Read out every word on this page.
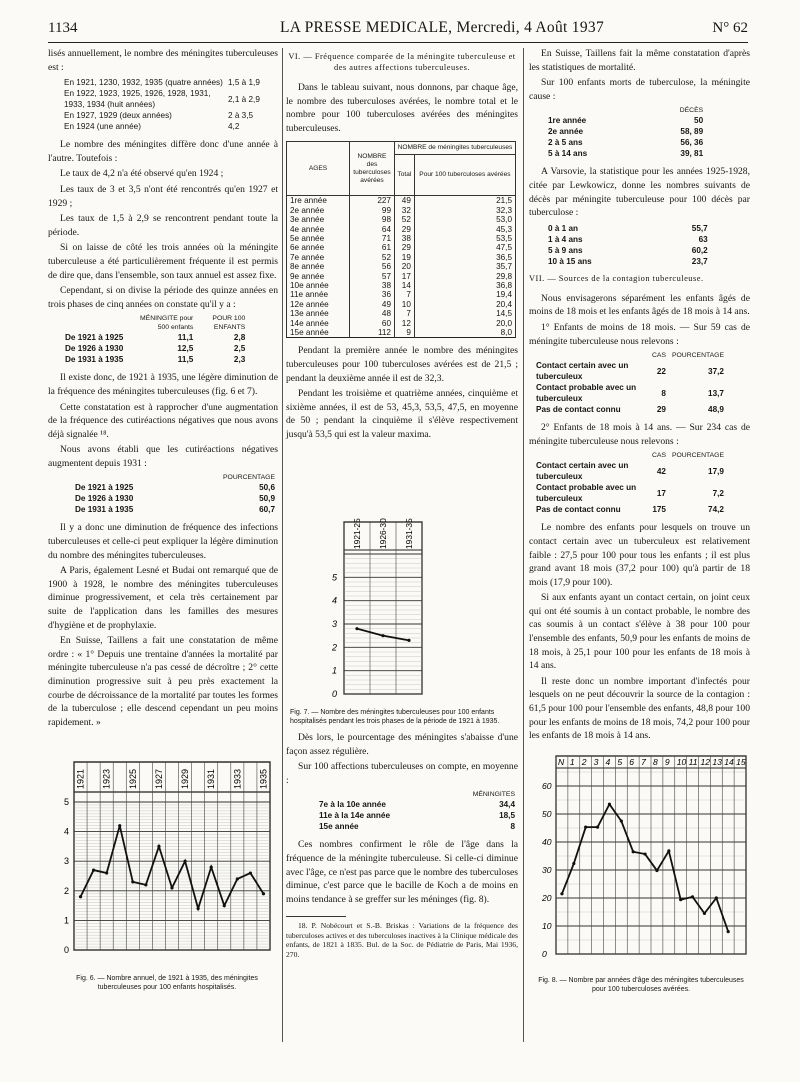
1134	LA PRESSE MEDICALE, Mercredi, 4 Août 1937	N° 62

lisés annuellement, le nombre des méningites tuberculeuses est :

En 1921, 1230, 1932, 1935 (quatre années)	1,5 à 1,9
En 1922, 1923, 1925, 1926, 1928, 1931, 1933, 1934 (huit années)	2,1 à 2,9
En 1927, 1929 (deux années)	2 à 3,5
En 1924 (une année)	4,2

Le nombre des méningites diffère donc d'une année à l'autre. Toutefois :

Le taux de 4,2 n'a été observé qu'en 1924 ;

Les taux de 3 et 3,5 n'ont été rencontrés qu'en 1927 et 1929 ;

Les taux de 1,5 à 2,9 se rencontrent pendant toute la période.

Si on laisse de côté les trois années où la méningite tuberculeuse a été particulièrement fréquente il est permis de dire que, dans l'ensemble, son taux annuel est assez fixe.

Cependant, si on divise la période des quinze années en trois phases de cinq années on constate qu'il y a :

	MÉNINGITE pour 500 enfants	POUR 100 ENFANTS
De 1921 à 1925	11,1	2,8
De 1926 à 1930	12,5	2,5
De 1931 à 1935	11,5	2,3

Il existe donc, de 1921 à 1935, une légère diminution de la fréquence des méningites tuberculeuses (fig. 6 et 7).

Cette constatation est à rapprocher d'une augmentation de la fréquence des cutiréactions négatives que nous avons déjà signalée ¹⁸.

Nous avons établi que les cutiréactions négatives augmentent depuis 1931 :

	POURCENTAGE
De 1921 à 1925	50,6
De 1926 à 1930	50,9
De 1931 à 1935	60,7

Il y a donc une diminution de fréquence des infections tuberculeuses et celle-ci peut expliquer la légère diminution du nombre des méningites tuberculeuses.

A Paris, également Lesné et Budai ont remarqué que de 1900 à 1928, le nombre des méningites tuberculeuses diminue progressivement, et cela très certainement par suite de l'application dans les familles des mesures d'hygiène et de prophylaxie.

En Suisse, Taillens a fait une constatation de même ordre : « 1° Depuis une trentaine d'années la mortalité par méningite tuberculeuse n'a pas cessé de décroître ; 2° cette diminution progressive suit à peu près exactement la courbe de décroissance de la mortalité par toutes les formes de la tuberculose ; elle descend cependant un peu moins rapidement. »

VI. — Fréquence comparée de la méningite tuberculeuse et des autres affections tuberculeuses.

Dans le tableau suivant, nous donnons, par chaque âge, le nombre des tuberculoses avérées, le nombre total et le nombre pour 100 tuberculoses avérées des méningites tuberculeuses.

AGES	NOMBRE des tuberculoses avérées	NOMBRE de méningites tuberculeuses	
		Total	Pour 100 tuberculoses avérées
1re année	227	49	21,5
2e année	99	32	32,3
3e année	98	52	53,0
4e année	64	29	45,3
5e année	71	38	53,5
6e année	61	29	47,5
7e année	52	19	36,5
8e année	56	20	35,7
9e année	57	17	29,8
10e année	38	14	36,8
11e année	36	7	19,4
12e année	49	10	20,4
13e année	48	7	14,5
14e année	60	12	20,0
15e année	112	9	8,0

Pendant la première année le nombre des méningites tuberculeuses pour 100 tuberculoses avérées est de 21,5 ; pendant la deuxième année il est de 32,3.

Pendant les troisième et quatrième années, cinquième et sixième années, il est de 53, 45,3, 53,5, 47,5, en moyenne de 50 ; pendant la cinquième il s'élève respectivement jusqu'à 53,5 qui est la valeur maxima.

1921-25 1926-30 1931-35
0
1
2
3
4
5
Fig. 7. — Nombre des méningites tuberculeuses pour 100 enfants hospitalisés pendant les trois phases de la période de 1921 à 1935.

Dès lors, le pourcentage des méningites s'abaisse d'une façon assez régulière.

Sur 100 affections tuberculeuses on compte, en moyenne :

	MÉNINGITES
7e à la 10e année	34,4
11e à la 14e année	18,5
15e année	8

Ces nombres confirment le rôle de l'âge dans la fréquence de la méningite tuberculeuse. Si celle-ci diminue avec l'âge, ce n'est pas parce que le nombre des tuberculoses diminue, c'est parce que le bacille de Koch a de moins en moins tendance à se greffer sur les méninges (fig. 8).

18. P. Nobécourt et S.-B. Briskas : Variations de la fréquence des tuberculoses actives et des tuberculoses inactives à la Clinique médicale des enfants, de 1821 à 1835. Bul. de la Soc. de Pédiatrie de Paris, Mai 1936, 270.

En Suisse, Taillens fait la même constatation d'après les statistiques de mortalité.

Sur 100 enfants morts de tuberculose, la méningite cause :

	DÉCÈS
1re année	50
2e année	58, 89
2 à 5 ans	56, 36
5 à 14 ans	39, 81

A Varsovie, la statistique pour les années 1925-1928, citée par Lewkowicz, donne les nombres suivants de décès par méningite tuberculeuse pour 100 décès par tuberculose :

0 à 1 an	55,7
1 à 4 ans	63
5 à 9 ans	60,2
10 à 15 ans	23,7

VII. — Sources de la contagion tuberculeuse.

Nous envisagerons séparément les enfants âgés de moins de 18 mois et les enfants âgés de 18 mois à 14 ans.

1° Enfants de moins de 18 mois. — Sur 59 cas de méningite tuberculeuse nous relevons :

	CAS	POURCENTAGE
Contact certain avec un tuberculeux	22	37,2
Contact probable avec un tuberculeux	8	13,7
Pas de contact connu	29	48,9

2° Enfants de 18 mois à 14 ans. — Sur 234 cas de méningite tuberculeuse nous relevons :

	CAS	POURCENTAGE
Contact certain avec un tuberculeux	42	17,9
Contact probable avec un tuberculeux	17	7,2
Pas de contact connu	175	74,2

Le nombre des enfants pour lesquels on trouve un contact certain avec un tuberculeux est relativement faible : 27,5 pour 100 pour tous les enfants ; il est plus grand avant 18 mois (37,2 pour 100) qu'à partir de 18 mois (17,9 pour 100).

Si aux enfants ayant un contact certain, on joint ceux qui ont été soumis à un contact probable, le nombre des cas soumis à un contact s'élève à 38 pour 100 pour l'ensemble des enfants, 50,9 pour les enfants de moins de 18 mois, à 25,1 pour 100 pour les enfants de 18 mois à 14 ans.

Il reste donc un nombre important d'infectés pour lesquels on ne peut découvrir la source de la contagion : 61,5 pour 100 pour l'ensemble des enfants, 48,8 pour 100 pour les enfants de moins de 18 mois, 74,2 pour 100 pour les enfants de 18 mois à 14 ans.

1921 1923 1925 1927 1929 1931 1933 1935
0
1
2
3
4
5
Fig. 6. — Nombre annuel, de 1921 à 1935, des méningites tuberculeuses pour 100 enfants hospitalisés.
N 1 2 3 4 5 6 7 8 9 10 11 12 13 14 15
0
10
20
30
40
50
60
Fig. 8. — Nombre par années d'âge des méningites tuberculeuses pour 100 tuberculoses avérées.
